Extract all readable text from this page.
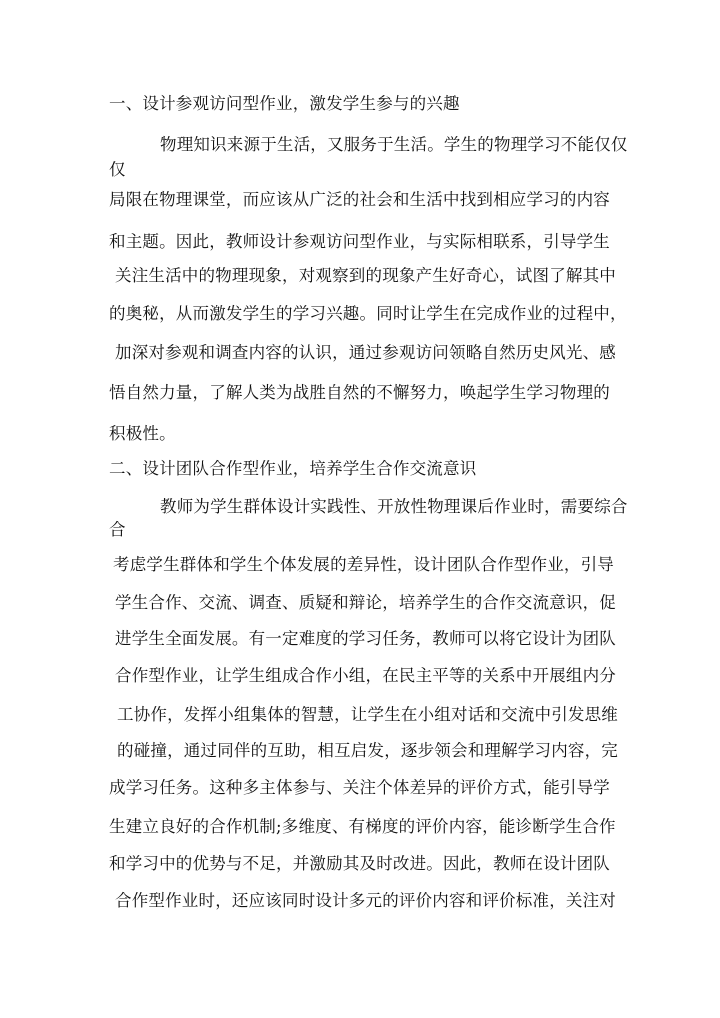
一、设计参观访问型作业，激发学生参与的兴趣
物理知识来源于生活，又服务于生活。学生的物理学习不能仅仅
仅
局限在物理课堂，而应该从广泛的社会和生活中找到相应学习的内容
和主题。因此，教师设计参观访问型作业，与实际相联系，引导学生
关注生活中的物理现象，对观察到的现象产生好奇心，试图了解其中
的奥秘，从而激发学生的学习兴趣。同时让学生在完成作业的过程中，
加深对参观和调查内容的认识，通过参观访问领略自然历史风光、感
悟自然力量，了解人类为战胜自然的不懈努力，唤起学生学习物理的
积极性。
二、设计团队合作型作业，培养学生合作交流意识
教师为学生群体设计实践性、开放性物理课后作业时，需要综合
合
考虑学生群体和学生个体发展的差异性，设计团队合作型作业，引导
学生合作、交流、调查、质疑和辩论，培养学生的合作交流意识，促
进学生全面发展。有一定难度的学习任务，教师可以将它设计为团队
合作型作业，让学生组成合作小组，在民主平等的关系中开展组内分
工协作，发挥小组集体的智慧，让学生在小组对话和交流中引发思维
的碰撞，通过同伴的互助，相互启发，逐步领会和理解学习内容，完
成学习任务。这种多主体参与、关注个体差异的评价方式，能引导学
生建立良好的合作机制;多维度、有梯度的评价内容，能诊断学生合作
和学习中的优势与不足，并激励其及时改进。因此，教师在设计团队
合作型作业时，还应该同时设计多元的评价内容和评价标准，关注对
